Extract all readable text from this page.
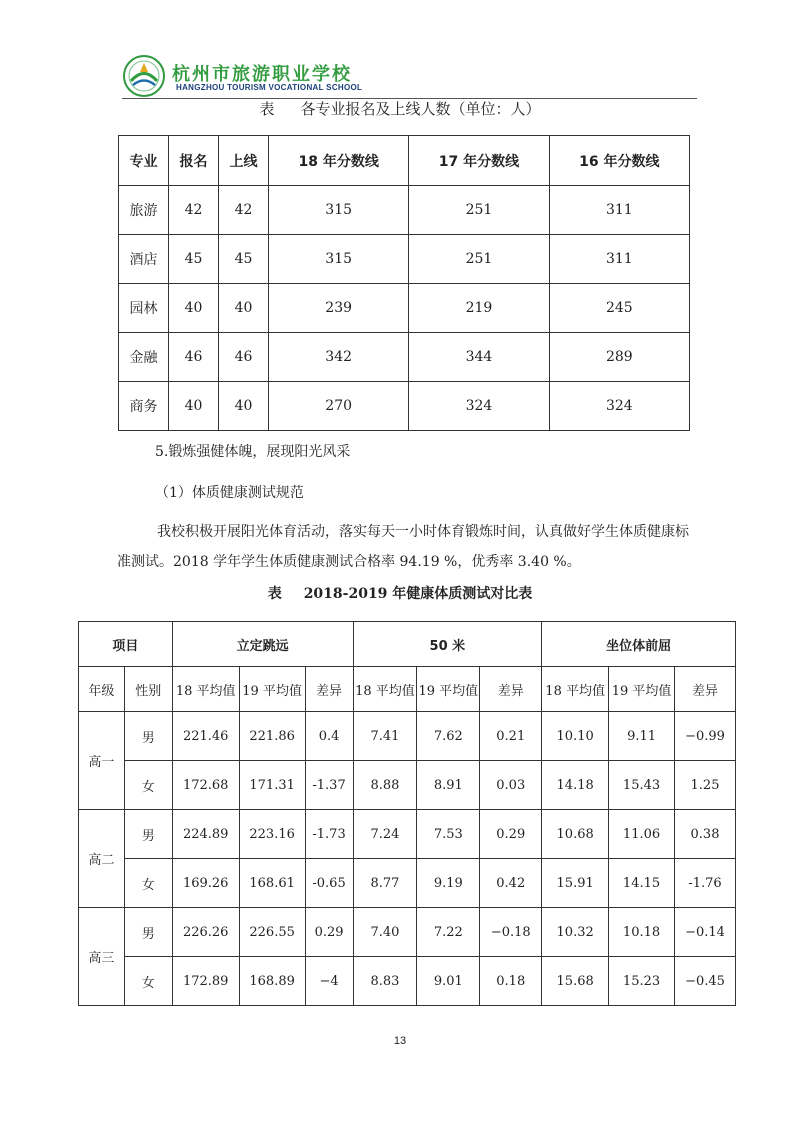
杭州市旅游职业学校
HANGZHOU TOURISM VOCATIONAL SCHOOL
表 各专业报名及上线人数（单位：人）
专业	报名	上线	18 年分数线	17 年分数线	16 年分数线
旅游	42	42	315	251	311
酒店	45	45	315	251	311
园林	40	40	239	219	245
金融	46	46	342	344	289
商务	40	40	270	324	324
5.锻炼强健体魄，展现阳光风采
（1）体质健康测试规范
我校积极开展阳光体育活动，落实每天一小时体育锻炼时间，认真做好学生体质健康标准测试。2018 学年学生体质健康测试合格率 94.19 %，优秀率 3.40 %。
表 2018-2019 年健康体质测试对比表
项目		立定跳远			50 米			坐位体前屈		
年级	性别	18 平均值	19 平均值	差异	18 平均值	19 平均值	差异	18 平均值	19 平均值	差异
高一	男	221.46	221.86	0.4	7.41	7.62	0.21	10.10	9.11	−0.99
	女	172.68	171.31	-1.37	8.88	8.91	0.03	14.18	15.43	1.25
高二	男	224.89	223.16	-1.73	7.24	7.53	0.29	10.68	11.06	0.38
	女	169.26	168.61	-0.65	8.77	9.19	0.42	15.91	14.15	-1.76
高三	男	226.26	226.55	0.29	7.40	7.22	−0.18	10.32	10.18	−0.14
	女	172.89	168.89	−4	8.83	9.01	0.18	15.68	15.23	−0.45
13
